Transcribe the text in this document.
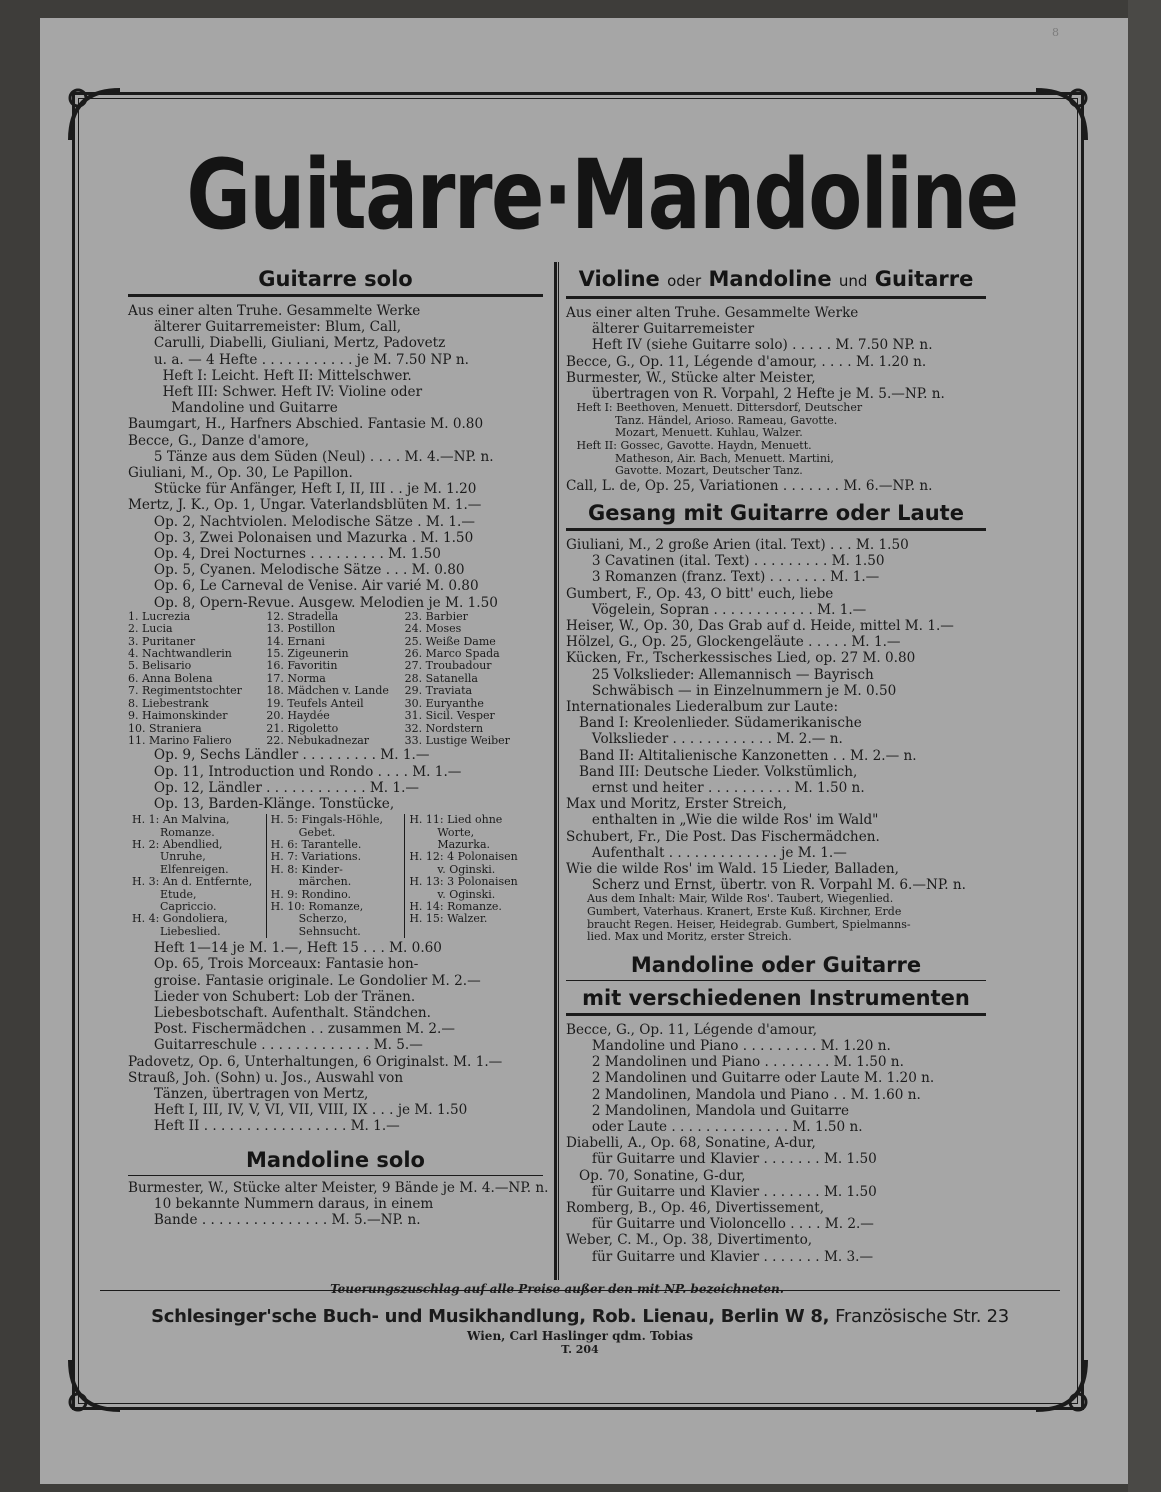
8
Guitarre·Mandoline
Guitarre solo
Aus einer alten Truhe. Gesammelte Werke
älterer Guitarremeister: Blum, Call,
Carulli, Diabelli, Giuliani, Mertz, Padovetz
u. a. — 4 Hefte . . . . . . . . . . . je M. 7.50 NP n.
Heft I: Leicht. Heft II: Mittelschwer.
Heft III: Schwer. Heft IV: Violine oder
Mandoline und Guitarre
Baumgart, H., Harfners Abschied. Fantasie M. 0.80
Becce, G., Danze d'amore,
5 Tänze aus dem Süden (Neul) . . . . M. 4.—NP. n.
Giuliani, M., Op. 30, Le Papillon.
Stücke für Anfänger, Heft I, II, III . . je M. 1.20
Mertz, J. K., Op. 1, Ungar. Vaterlandsblüten M. 1.—
Op. 2, Nachtviolen. Melodische Sätze . M. 1.—
Op. 3, Zwei Polonaisen und Mazurka . M. 1.50
Op. 4, Drei Nocturnes . . . . . . . . . M. 1.50
Op. 5, Cyanen. Melodische Sätze . . . M. 0.80
Op. 6, Le Carneval de Venise. Air varié M. 0.80
Op. 8, Opern-Revue. Ausgew. Melodien je M. 1.50
1. Lucrezia
2. Lucia
3. Puritaner
4. Nachtwandlerin
5. Belisario
6. Anna Bolena
7. Regimentstochter
8. Liebestrank
9. Haimonskinder
10. Straniera
11. Marino Faliero
12. Stradella
13. Postillon
14. Ernani
15. Zigeunerin
16. Favoritin
17. Norma
18. Mädchen v. Lande
19. Teufels Anteil
20. Haydée
21. Rigoletto
22. Nebukadnezar
23. Barbier
24. Moses
25. Weiße Dame
26. Marco Spada
27. Troubadour
28. Satanella
29. Traviata
30. Euryanthe
31. Sicil. Vesper
32. Nordstern
33. Lustige Weiber
Op. 9, Sechs Ländler . . . . . . . . . M. 1.—
Op. 11, Introduction und Rondo . . . . M. 1.—
Op. 12, Ländler . . . . . . . . . . . . M. 1.—
Op. 13, Barden-Klänge. Tonstücke,
H. 1: An Malvina,
Romanze.
H. 2: Abendlied,
Unruhe,
Elfenreigen.
H. 3: An d. Entfernte,
Etude,
Capriccio.
H. 4: Gondoliera,
Liebeslied.
H. 5: Fingals-Höhle,
Gebet.
H. 6: Tarantelle.
H. 7: Variations.
H. 8: Kinder-
märchen.
H. 9: Rondino.
H. 10: Romanze,
Scherzo,
Sehnsucht.
H. 11: Lied ohne
Worte,
Mazurka.
H. 12: 4 Polonaisen
v. Oginski.
H. 13: 3 Polonaisen
v. Oginski.
H. 14: Romanze.
H. 15: Walzer.
Heft 1—14 je M. 1.—, Heft 15 . . . M. 0.60
Op. 65, Trois Morceaux: Fantasie hon-
groise. Fantasie originale. Le Gondolier M. 2.—
Lieder von Schubert: Lob der Tränen.
Liebesbotschaft. Aufenthalt. Ständchen.
Post. Fischermädchen . . zusammen M. 2.—
Guitarreschule . . . . . . . . . . . . . M. 5.—
Padovetz, Op. 6, Unterhaltungen, 6 Originalst. M. 1.—
Strauß, Joh. (Sohn) u. Jos., Auswahl von
Tänzen, übertragen von Mertz,
Heft I, III, IV, V, VI, VII, VIII, IX . . . je M. 1.50
Heft II . . . . . . . . . . . . . . . . . M. 1.—
Mandoline solo
Burmester, W., Stücke alter Meister, 9 Bände je M. 4.—NP. n.
10 bekannte Nummern daraus, in einem
Bande . . . . . . . . . . . . . . . M. 5.—NP. n.
Violine oder Mandoline und Guitarre
Aus einer alten Truhe. Gesammelte Werke
älterer Guitarremeister
Heft IV (siehe Guitarre solo) . . . . . M. 7.50 NP. n.
Becce, G., Op. 11, Légende d'amour, . . . . M. 1.20 n.
Burmester, W., Stücke alter Meister,
übertragen von R. Vorpahl, 2 Hefte je M. 5.—NP. n.
Heft I: Beethoven, Menuett. Dittersdorf, Deutscher
Tanz. Händel, Arioso. Rameau, Gavotte.
Mozart, Menuett. Kuhlau, Walzer.
Heft II: Gossec, Gavotte. Haydn, Menuett.
Matheson, Air. Bach, Menuett. Martini,
Gavotte. Mozart, Deutscher Tanz.
Call, L. de, Op. 25, Variationen . . . . . . . M. 6.—NP. n.
Gesang mit Guitarre oder Laute
Giuliani, M., 2 große Arien (ital. Text) . . . M. 1.50
3 Cavatinen (ital. Text) . . . . . . . . . M. 1.50
3 Romanzen (franz. Text) . . . . . . . M. 1.—
Gumbert, F., Op. 43, O bitt' euch, liebe
Vögelein, Sopran . . . . . . . . . . . . M. 1.—
Heiser, W., Op. 30, Das Grab auf d. Heide, mittel M. 1.—
Hölzel, G., Op. 25, Glockengeläute . . . . . M. 1.—
Kücken, Fr., Tscherkessisches Lied, op. 27 M. 0.80
25 Volkslieder: Allemannisch — Bayrisch
Schwäbisch — in Einzelnummern je M. 0.50
Internationales Liederalbum zur Laute:
Band I: Kreolenlieder. Südamerikanische
Volkslieder . . . . . . . . . . . . M. 2.— n.
Band II: Altitalienische Kanzonetten . . M. 2.— n.
Band III: Deutsche Lieder. Volkstümlich,
ernst und heiter . . . . . . . . . . M. 1.50 n.
Max und Moritz, Erster Streich,
enthalten in „Wie die wilde Ros' im Wald"
Schubert, Fr., Die Post. Das Fischermädchen.
Aufenthalt . . . . . . . . . . . . . je M. 1.—
Wie die wilde Ros' im Wald. 15 Lieder, Balladen,
Scherz und Ernst, übertr. von R. Vorpahl M. 6.—NP. n.
Aus dem Inhalt: Mair, Wilde Ros'. Taubert, Wiegenlied.
Gumbert, Vaterhaus. Kranert, Erste Kuß. Kirchner, Erde
braucht Regen. Heiser, Heidegrab. Gumbert, Spielmanns-
lied. Max und Moritz, erster Streich.
Mandoline oder Guitarre
mit verschiedenen Instrumenten
Becce, G., Op. 11, Légende d'amour,
Mandoline und Piano . . . . . . . . . M. 1.20 n.
2 Mandolinen und Piano . . . . . . . . M. 1.50 n.
2 Mandolinen und Guitarre oder Laute M. 1.20 n.
2 Mandolinen, Mandola und Piano . . M. 1.60 n.
2 Mandolinen, Mandola und Guitarre
oder Laute . . . . . . . . . . . . . . M. 1.50 n.
Diabelli, A., Op. 68, Sonatine, A-dur,
für Guitarre und Klavier . . . . . . . M. 1.50
Op. 70, Sonatine, G-dur,
für Guitarre und Klavier . . . . . . . M. 1.50
Romberg, B., Op. 46, Divertissement,
für Guitarre und Violoncello . . . . M. 2.—
Weber, C. M., Op. 38, Divertimento,
für Guitarre und Klavier . . . . . . . M. 3.—
Teuerungszuschlag auf alle Preise außer den mit NP. bezeichneten.
Schlesinger'sche Buch- und Musikhandlung, Rob. Lienau, Berlin W 8, Französische Str. 23
Wien, Carl Haslinger qdm. Tobias
T. 204
